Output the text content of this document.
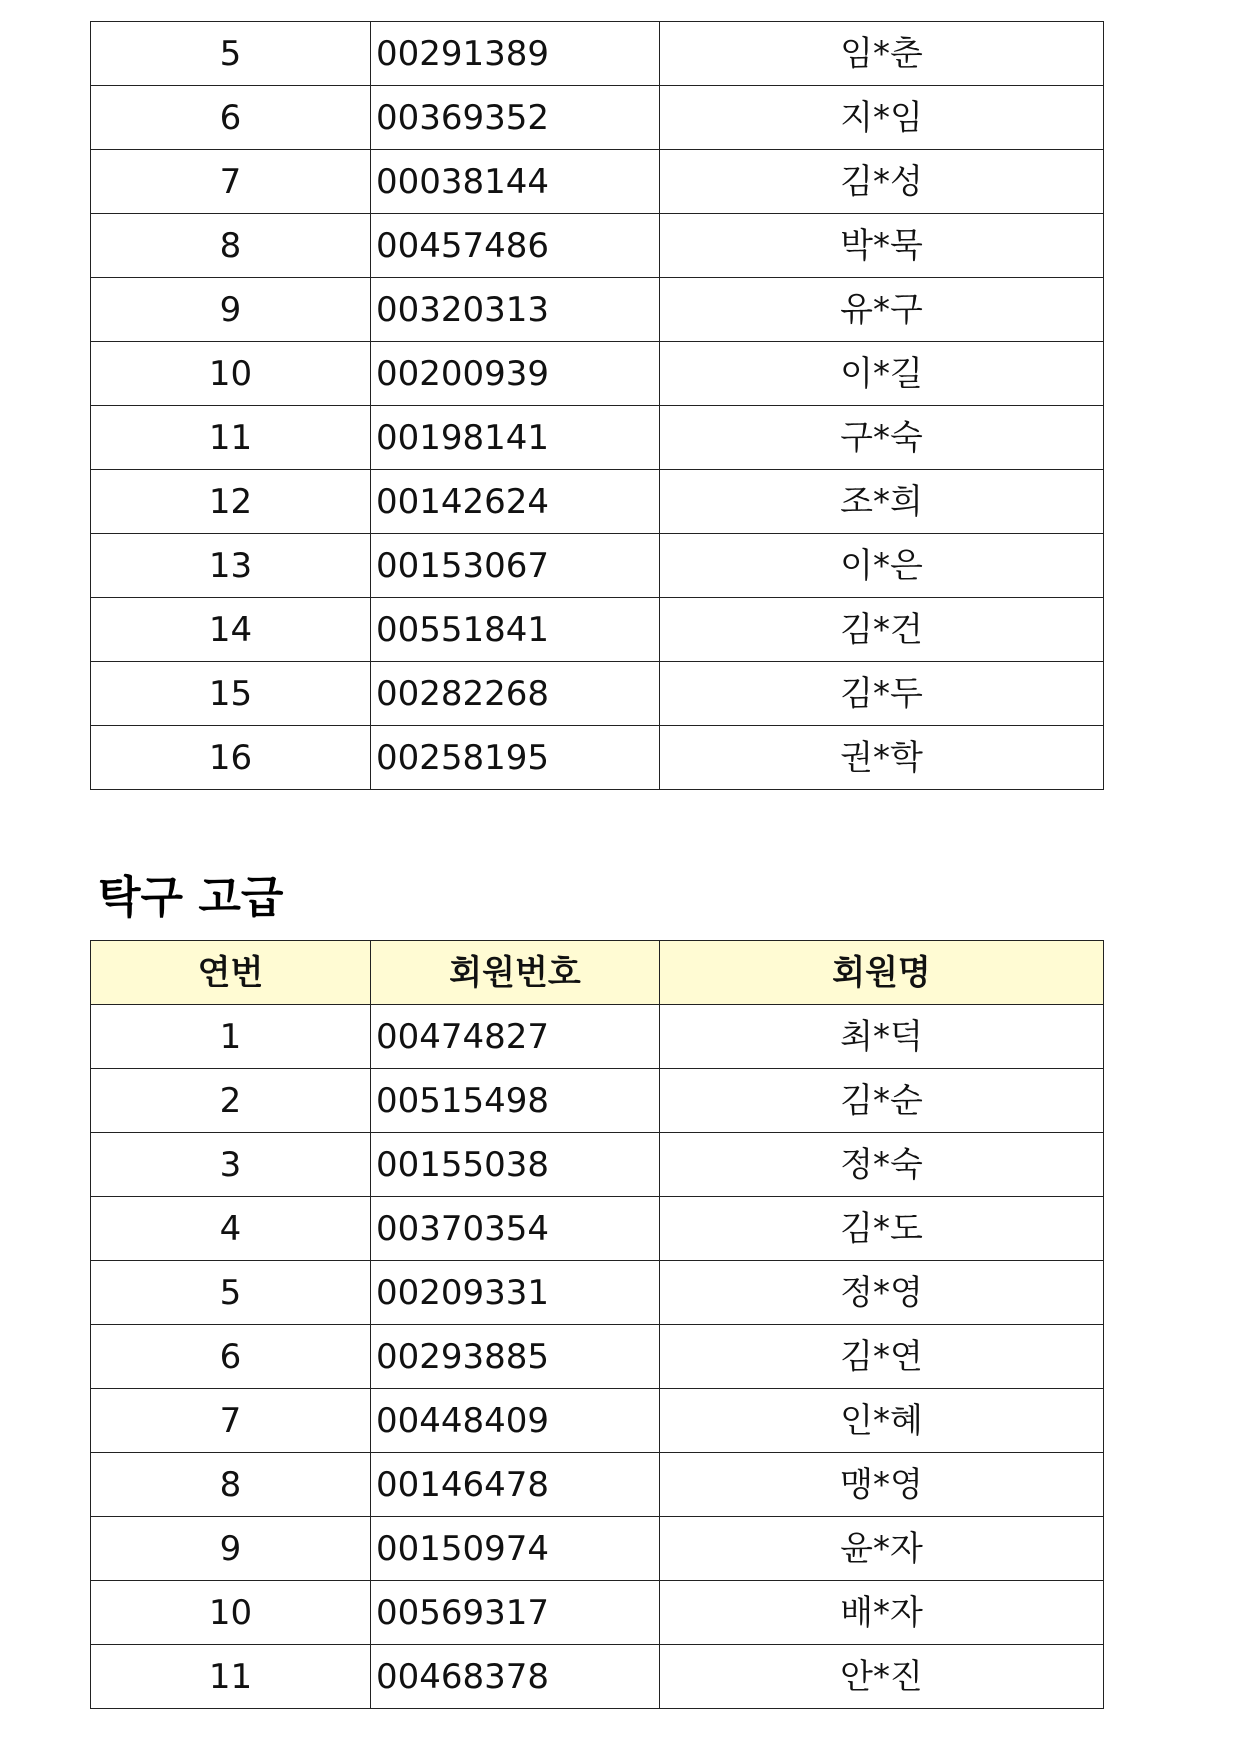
5	00291389	임*춘
6	00369352	지*임
7	00038144	김*성
8	00457486	박*묵
9	00320313	유*구
10	00200939	이*길
11	00198141	구*숙
12	00142624	조*희
13	00153067	이*은
14	00551841	김*건
15	00282268	김*두
16	00258195	권*학
탁구 고급
연번	회원번호	회원명
1	00474827	최*덕
2	00515498	김*순
3	00155038	정*숙
4	00370354	김*도
5	00209331	정*영
6	00293885	김*연
7	00448409	인*혜
8	00146478	맹*영
9	00150974	윤*자
10	00569317	배*자
11	00468378	안*진
